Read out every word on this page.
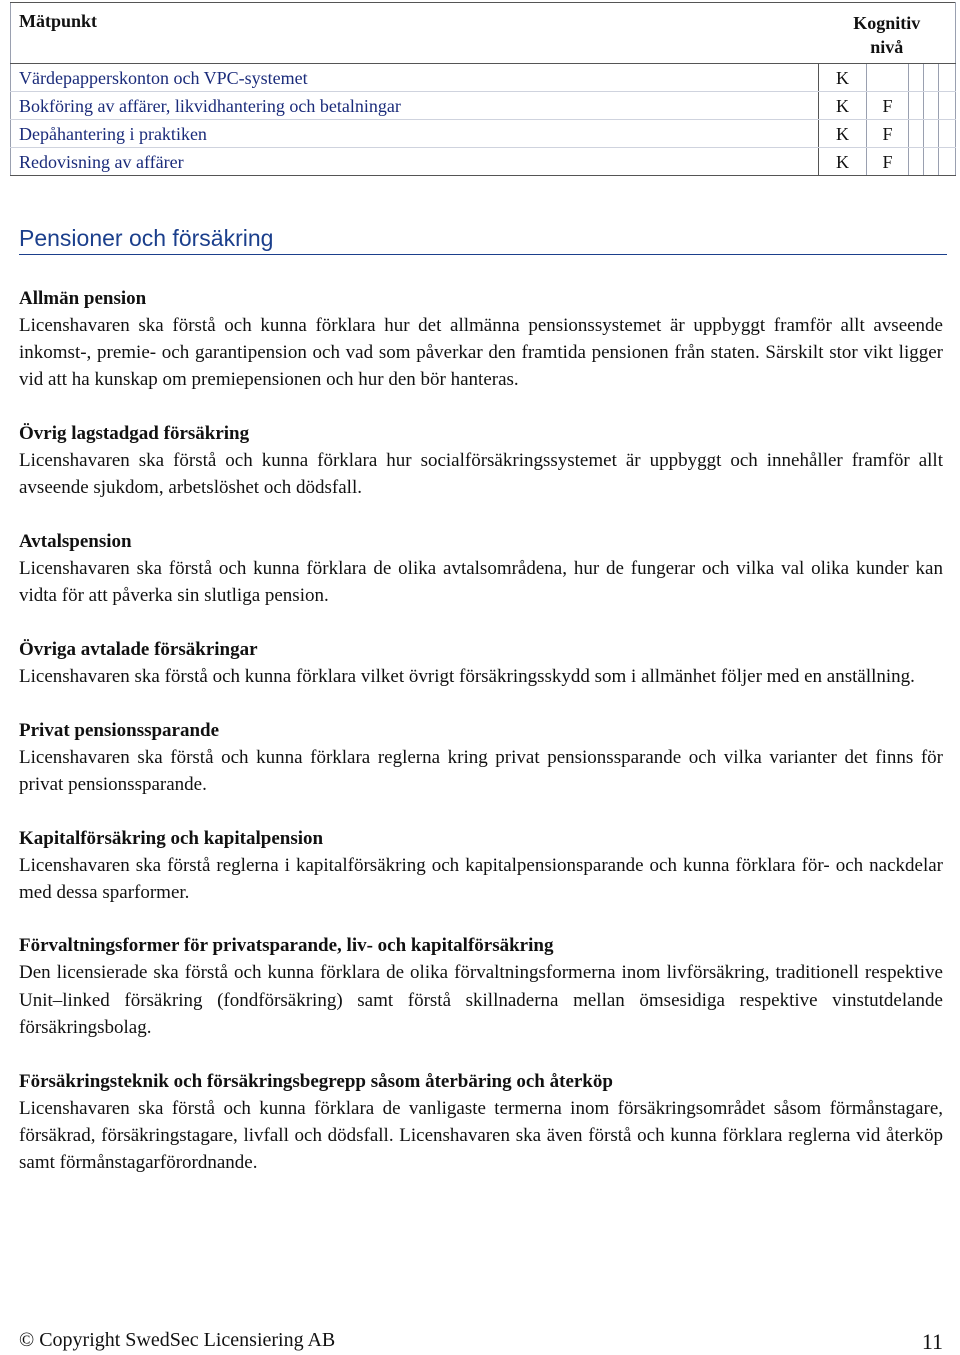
Mätpunkt	Kognitiv nivå				
Värdepapperskonton och VPC-systemet	K				
Bokföring av affärer, likvidhantering och betalningar	K	F			
Depåhantering i praktiken	K	F			
Redovisning av affärer	K	F			
Pensioner och försäkring
Allmän pension

Licenshavaren ska förstå och kunna förklara hur det allmänna pensionssystemet är uppbyggt framför allt avseende inkomst-, premie- och garantipension och vad som påverkar den framtida pensionen från staten. Särskilt stor vikt ligger vid att ha kunskap om premiepensionen och hur den bör hanteras.

Övrig lagstadgad försäkring

Licenshavaren ska förstå och kunna förklara hur socialförsäkringssystemet är uppbyggt och innehåller framför allt avseende sjukdom, arbetslöshet och dödsfall.

Avtalspension

Licenshavaren ska förstå och kunna förklara de olika avtalsområdena, hur de fungerar och vilka val olika kunder kan vidta för att påverka sin slutliga pension.

Övriga avtalade försäkringar

Licenshavaren ska förstå och kunna förklara vilket övrigt försäkringsskydd som i allmänhet följer med en anställning.

Privat pensionssparande

Licenshavaren ska förstå och kunna förklara reglerna kring privat pensionssparande och vilka varianter det finns för privat pensionssparande.

Kapitalförsäkring och kapitalpension

Licenshavaren ska förstå reglerna i kapitalförsäkring och kapitalpensionsparande och kunna förklara för- och nackdelar med dessa sparformer.

Förvaltningsformer för privatsparande, liv- och kapitalförsäkring

Den licensierade ska förstå och kunna förklara de olika förvaltningsformerna inom livförsäkring, traditionell respektive Unit–linked försäkring (fondförsäkring) samt förstå skillnaderna mellan ömsesidiga respektive vinstutdelande försäkringsbolag.

Försäkringsteknik och försäkringsbegrepp såsom återbäring och återköp

Licenshavaren ska förstå och kunna förklara de vanligaste termerna inom försäkringsområdet såsom förmånstagare, försäkrad, försäkringstagare, livfall och dödsfall. Licenshavaren ska även förstå och kunna förklara reglerna vid återköp samt förmånstagarförordnande.

© Copyright SwedSec Licensiering AB	11
